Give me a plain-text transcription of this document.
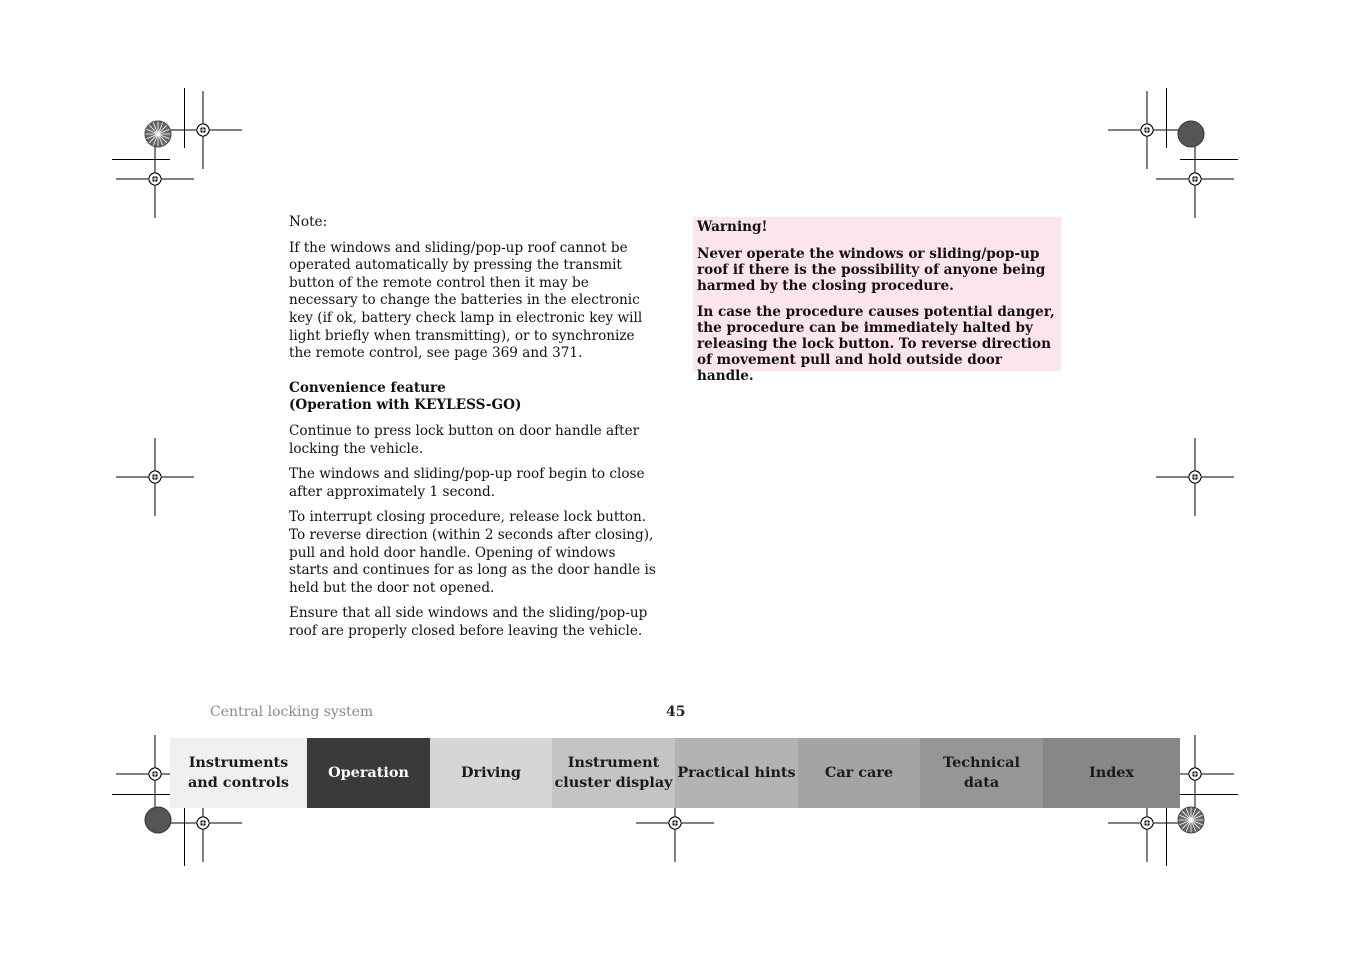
Note:

If the windows and sliding/pop-up roof cannot be operated automatically by pressing the transmit button of the remote control then it may be necessary to change the batteries in the electronic key (if ok, battery check lamp in electronic key will light briefly when transmitting), or to synchronize the remote control, see page 369 and 371.

Convenience feature
(Operation with KEYLESS-GO)

Continue to press lock button on door handle after locking the vehicle.

The windows and sliding/pop-up roof begin to close after approximately 1 second.

To interrupt closing procedure, release lock button. To reverse direction (within 2 seconds after closing), pull and hold door handle. Opening of windows starts and continues for as long as the door handle is held but the door not opened.

Ensure that all side windows and the sliding/pop-up roof are properly closed before leaving the vehicle.

Warning!

Never operate the windows or sliding/pop-up roof if there is the possibility of anyone being harmed by the closing procedure.

In case the procedure causes potential danger, the procedure can be immediately halted by releasing the lock button. To reverse direction of movement pull and hold outside door handle.

Central locking system	45
Instruments
and controls
Operation	Driving
Instrument
cluster display
Practical hints Car care
Technical
data
Index
